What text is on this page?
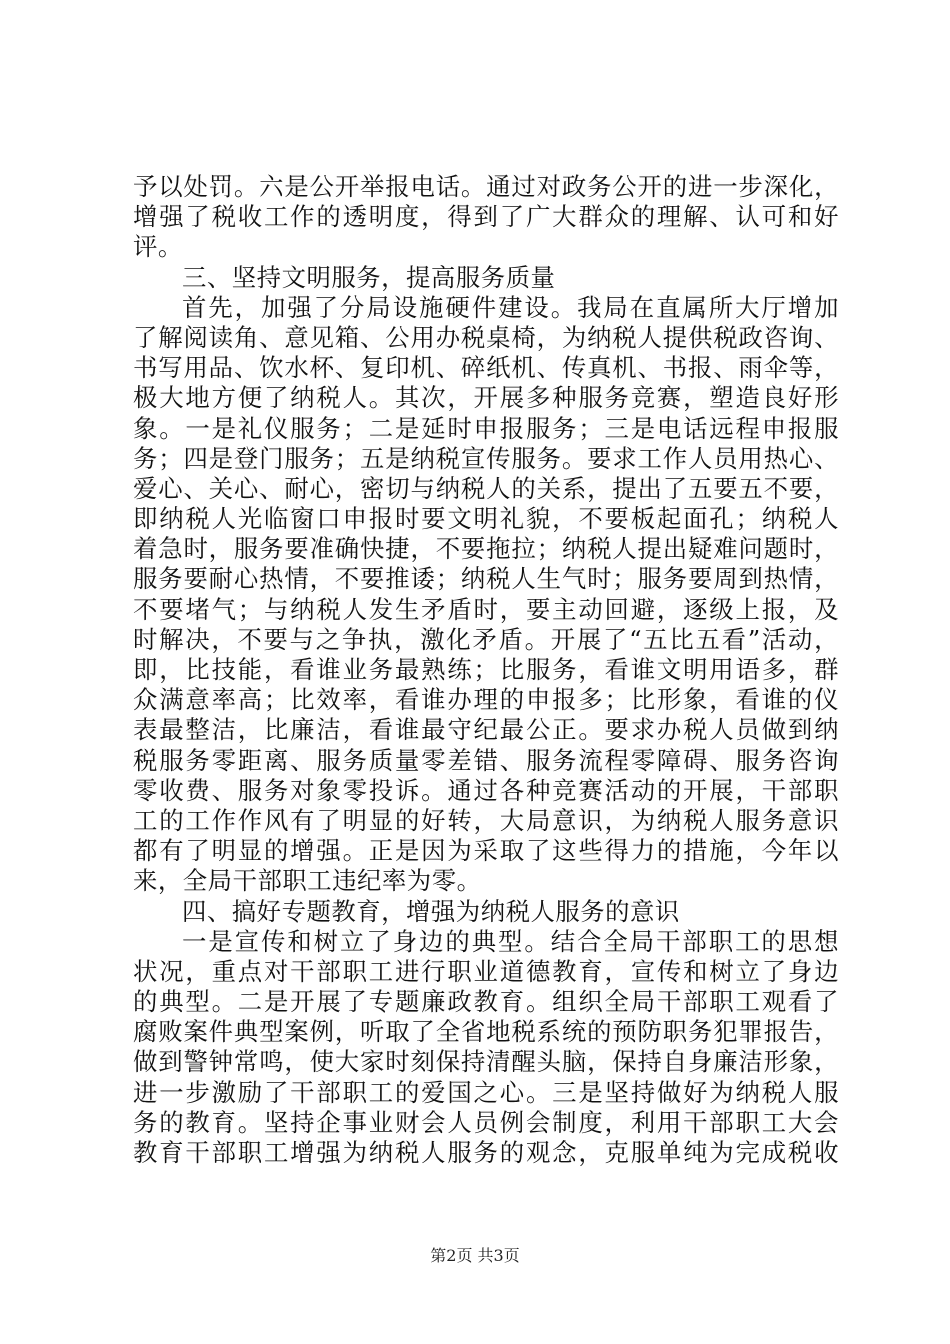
予以处罚。六是公开举报电话。通过对政务公开的进一步深化，
增强了税收工作的透明度，得到了广大群众的理解、认可和好
评。
三、坚持文明服务，提高服务质量
首先，加强了分局设施硬件建设。我局在直属所大厅增加
了解阅读角、意见箱、公用办税桌椅，为纳税人提供税政咨询、
书写用品、饮水杯、复印机、碎纸机、传真机、书报、雨伞等，
极大地方便了纳税人。其次，开展多种服务竞赛，塑造良好形
象。一是礼仪服务；二是延时申报服务；三是电话远程申报服
务；四是登门服务；五是纳税宣传服务。要求工作人员用热心、
爱心、关心、耐心，密切与纳税人的关系，提出了五要五不要，
即纳税人光临窗口申报时要文明礼貌，不要板起面孔；纳税人
着急时，服务要准确快捷，不要拖拉；纳税人提出疑难问题时，
服务要耐心热情，不要推诿；纳税人生气时；服务要周到热情，
不要堵气；与纳税人发生矛盾时，要主动回避，逐级上报，及
时解决，不要与之争执，激化矛盾。开展了“五比五看”活动，
即，比技能，看谁业务最熟练；比服务，看谁文明用语多，群
众满意率高；比效率，看谁办理的申报多；比形象，看谁的仪
表最整洁，比廉洁，看谁最守纪最公正。要求办税人员做到纳
税服务零距离、服务质量零差错、服务流程零障碍、服务咨询
零收费、服务对象零投诉。通过各种竞赛活动的开展，干部职
工的工作作风有了明显的好转，大局意识，为纳税人服务意识
都有了明显的增强。正是因为采取了这些得力的措施，今年以
来，全局干部职工违纪率为零。
四、搞好专题教育，增强为纳税人服务的意识
一是宣传和树立了身边的典型。结合全局干部职工的思想
状况，重点对干部职工进行职业道德教育，宣传和树立了身边
的典型。二是开展了专题廉政教育。组织全局干部职工观看了
腐败案件典型案例，听取了全省地税系统的预防职务犯罪报告，
做到警钟常鸣，使大家时刻保持清醒头脑，保持自身廉洁形象，
进一步激励了干部职工的爱国之心。三是坚持做好为纳税人服
务的教育。坚持企事业财会人员例会制度，利用干部职工大会
教育干部职工增强为纳税人服务的观念，克服单纯为完成税收
第2页 共3页
